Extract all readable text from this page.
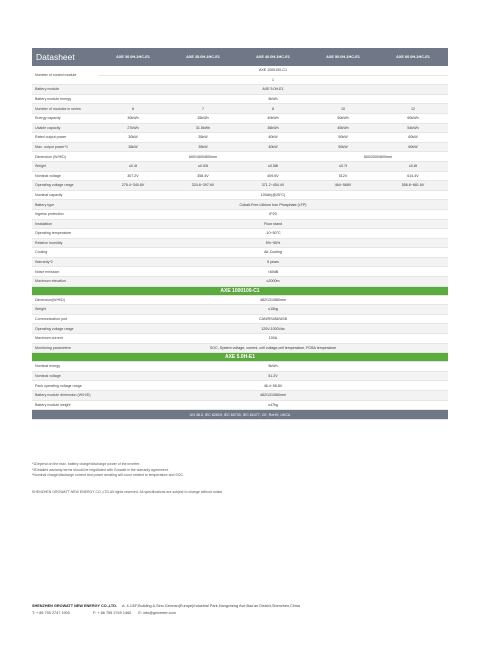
Datasheet	AXE 30.0H-1HC-E1	AXE 35.0H-1HC-E1	AXE 40.0H-1HC-E1	AXE 50.0H-1HC-E1	AXE 60.0H-1HC-E1
Number of control module	AXE 1000100-C1				
	1				
Battery module	AXE 5.0H-E1				
Battery module energy	5kWh				
Number of modules in series	6	7	8	10	12
Energy capacity	30kWh	35kWh	40kWh	50kWh	60kWh
Usable capacity	27kWh	31.5kWh	36kWh	45kWh	54kWh
Rated output power	30kW	35kW	40kW	50kW	60kW
Max. output power*1	36kW	35kW	40kW	50kW	60kW
Dimension (W/H/D)	600/1600/800mm			600/2000/800mm	
Weight	≤0.4t	≤0.53t	≤0.58t	≤0.7t	≤0.8t
Nominal voltage	307.2V	358.4V	409.6V	512V	614.4V
Operating voltage range	278.4~340.8V	324.8~397.6V	371.2~454.4V	464~568V	556.8~681.6V
Nominal capacity	100Ah(@25°C)				
Battery type	Cobalt-Free Lithium Iron Phosphate (LFP)				
Ingress protection	IP20				
Installation	Floor stand				
Operating temperature	-10~50°C				
Relative humidity	5%~95%				
Cooling	Air-Cooling				
Warranty*2	5 years				
Noise emission	<60dB				
Maximum elevation	≤2000m				
AXE 1000100-C1					
Dimension(W/H/D)	482/131/580mm				
Weight	≤15kg				
Communication port	CAN/RS485/USB				
Operating voltage range	120V-1000Vdc				
Maximum current	100A				
Monitoring parameters	SOC, System voltage, current, cell voltage,cell temperature, PCBA temperature				
AXE 5.0H-E1					
Nominal energy	5kWh				
Nominal voltage	51.2V				
Pack operating voltage range	46.4~56.8V				
Battery module dimension (W/H/D)	482/131/580mm				
Battery module weight	≤47kg				
UN 38.3, IEC 62619, IEC 60730, IEC 62477, CE, RoHS, UKCA					
*1Depend on the max. battery charge/discharge power of the inverter.
*2Detailed warranty terms should be negotiated with Growatt in the warranty agreement.
*Nominal charge/discharge current and power derating will occur related to temperature and SOC.
SHENZHEN GROWATT NEW ENERGY CO.,LTD All rights reserved. All specifications are subject to change without notice.
SHENZHEN GROWATT NEW ENERGY CO.,LTD. A: 4-13/F,Building A,Sino-German(Europe)Industrial Park,Hangcheng Ave,Bao'an District,Shenzhen,China
T: + 86 755 2747 1900	F: + 86 755 2749 1460 E: info@ginverter.com
